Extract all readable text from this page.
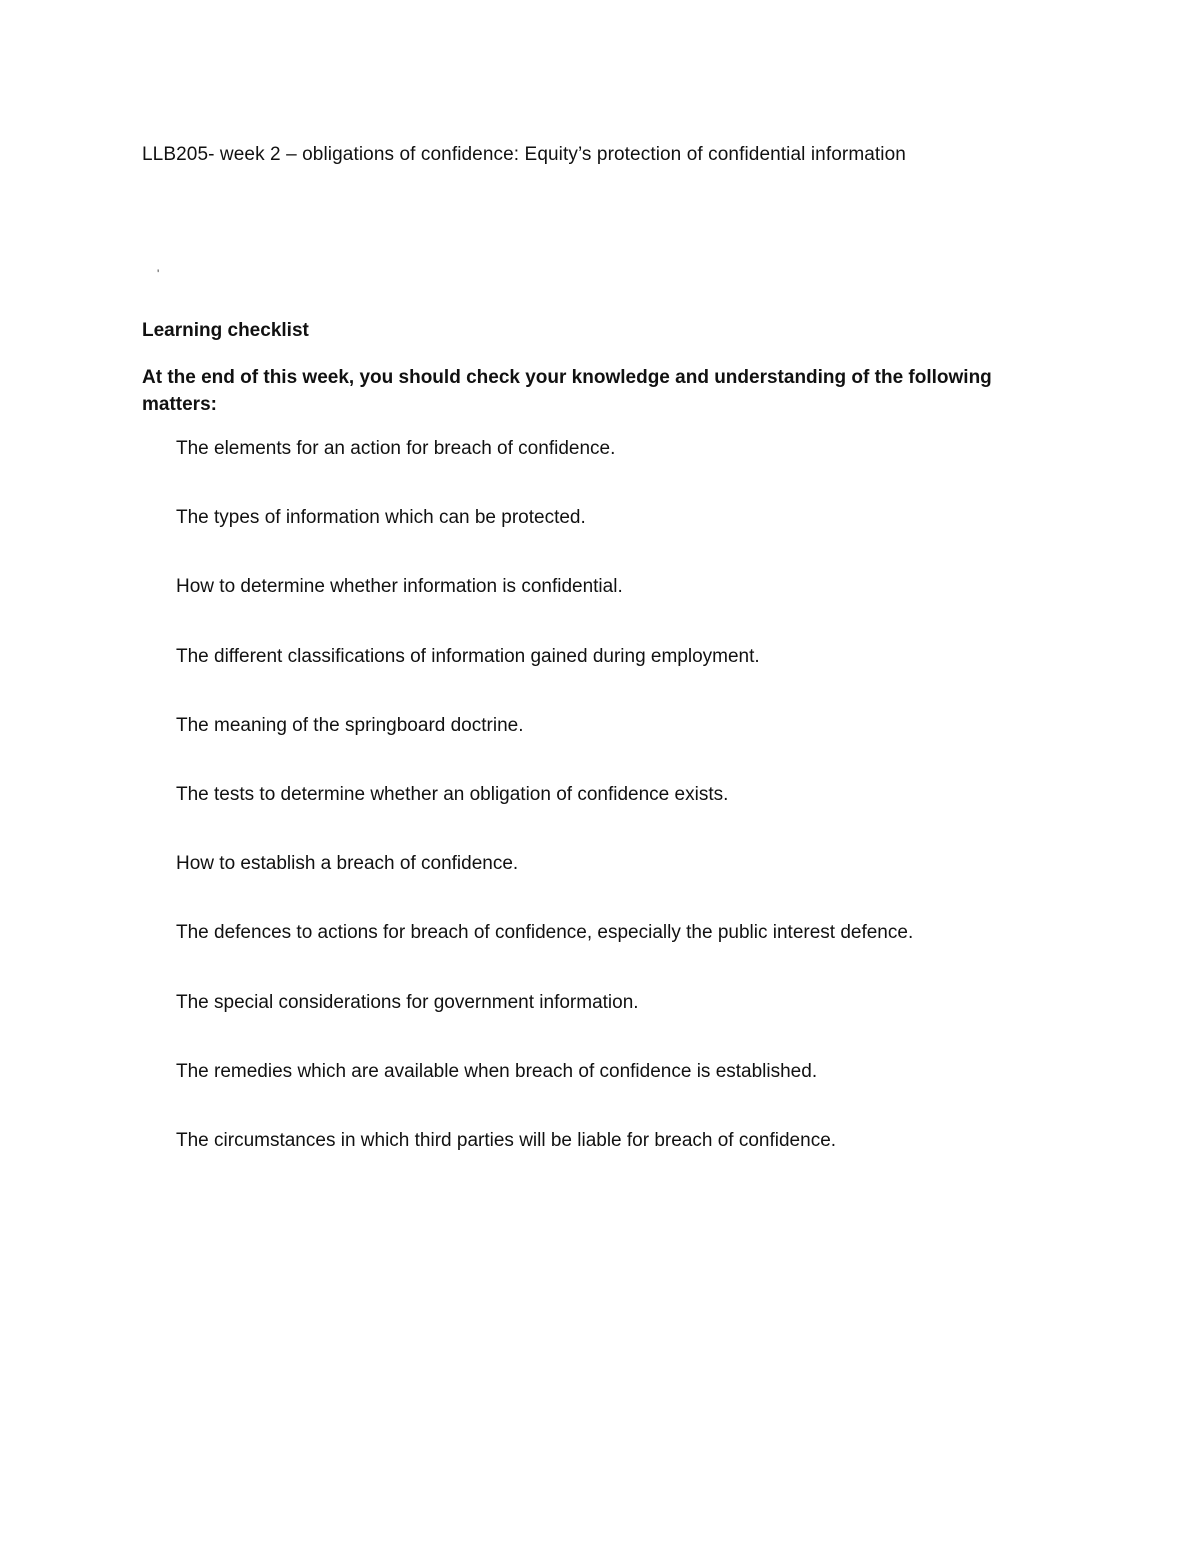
LLB205- week 2 – obligations of confidence: Equity’s protection of confidential information
'
Learning checklist
At the end of this week, you should check your knowledge and understanding of the following matters:
The elements for an action for breach of confidence.
The types of information which can be protected.
How to determine whether information is confidential.
The different classifications of information gained during employment.
The meaning of the springboard doctrine.
The tests to determine whether an obligation of confidence exists.
How to establish a breach of confidence.
The defences to actions for breach of confidence, especially the public interest defence.
The special considerations for government information.
The remedies which are available when breach of confidence is established.
The circumstances in which third parties will be liable for breach of confidence.
